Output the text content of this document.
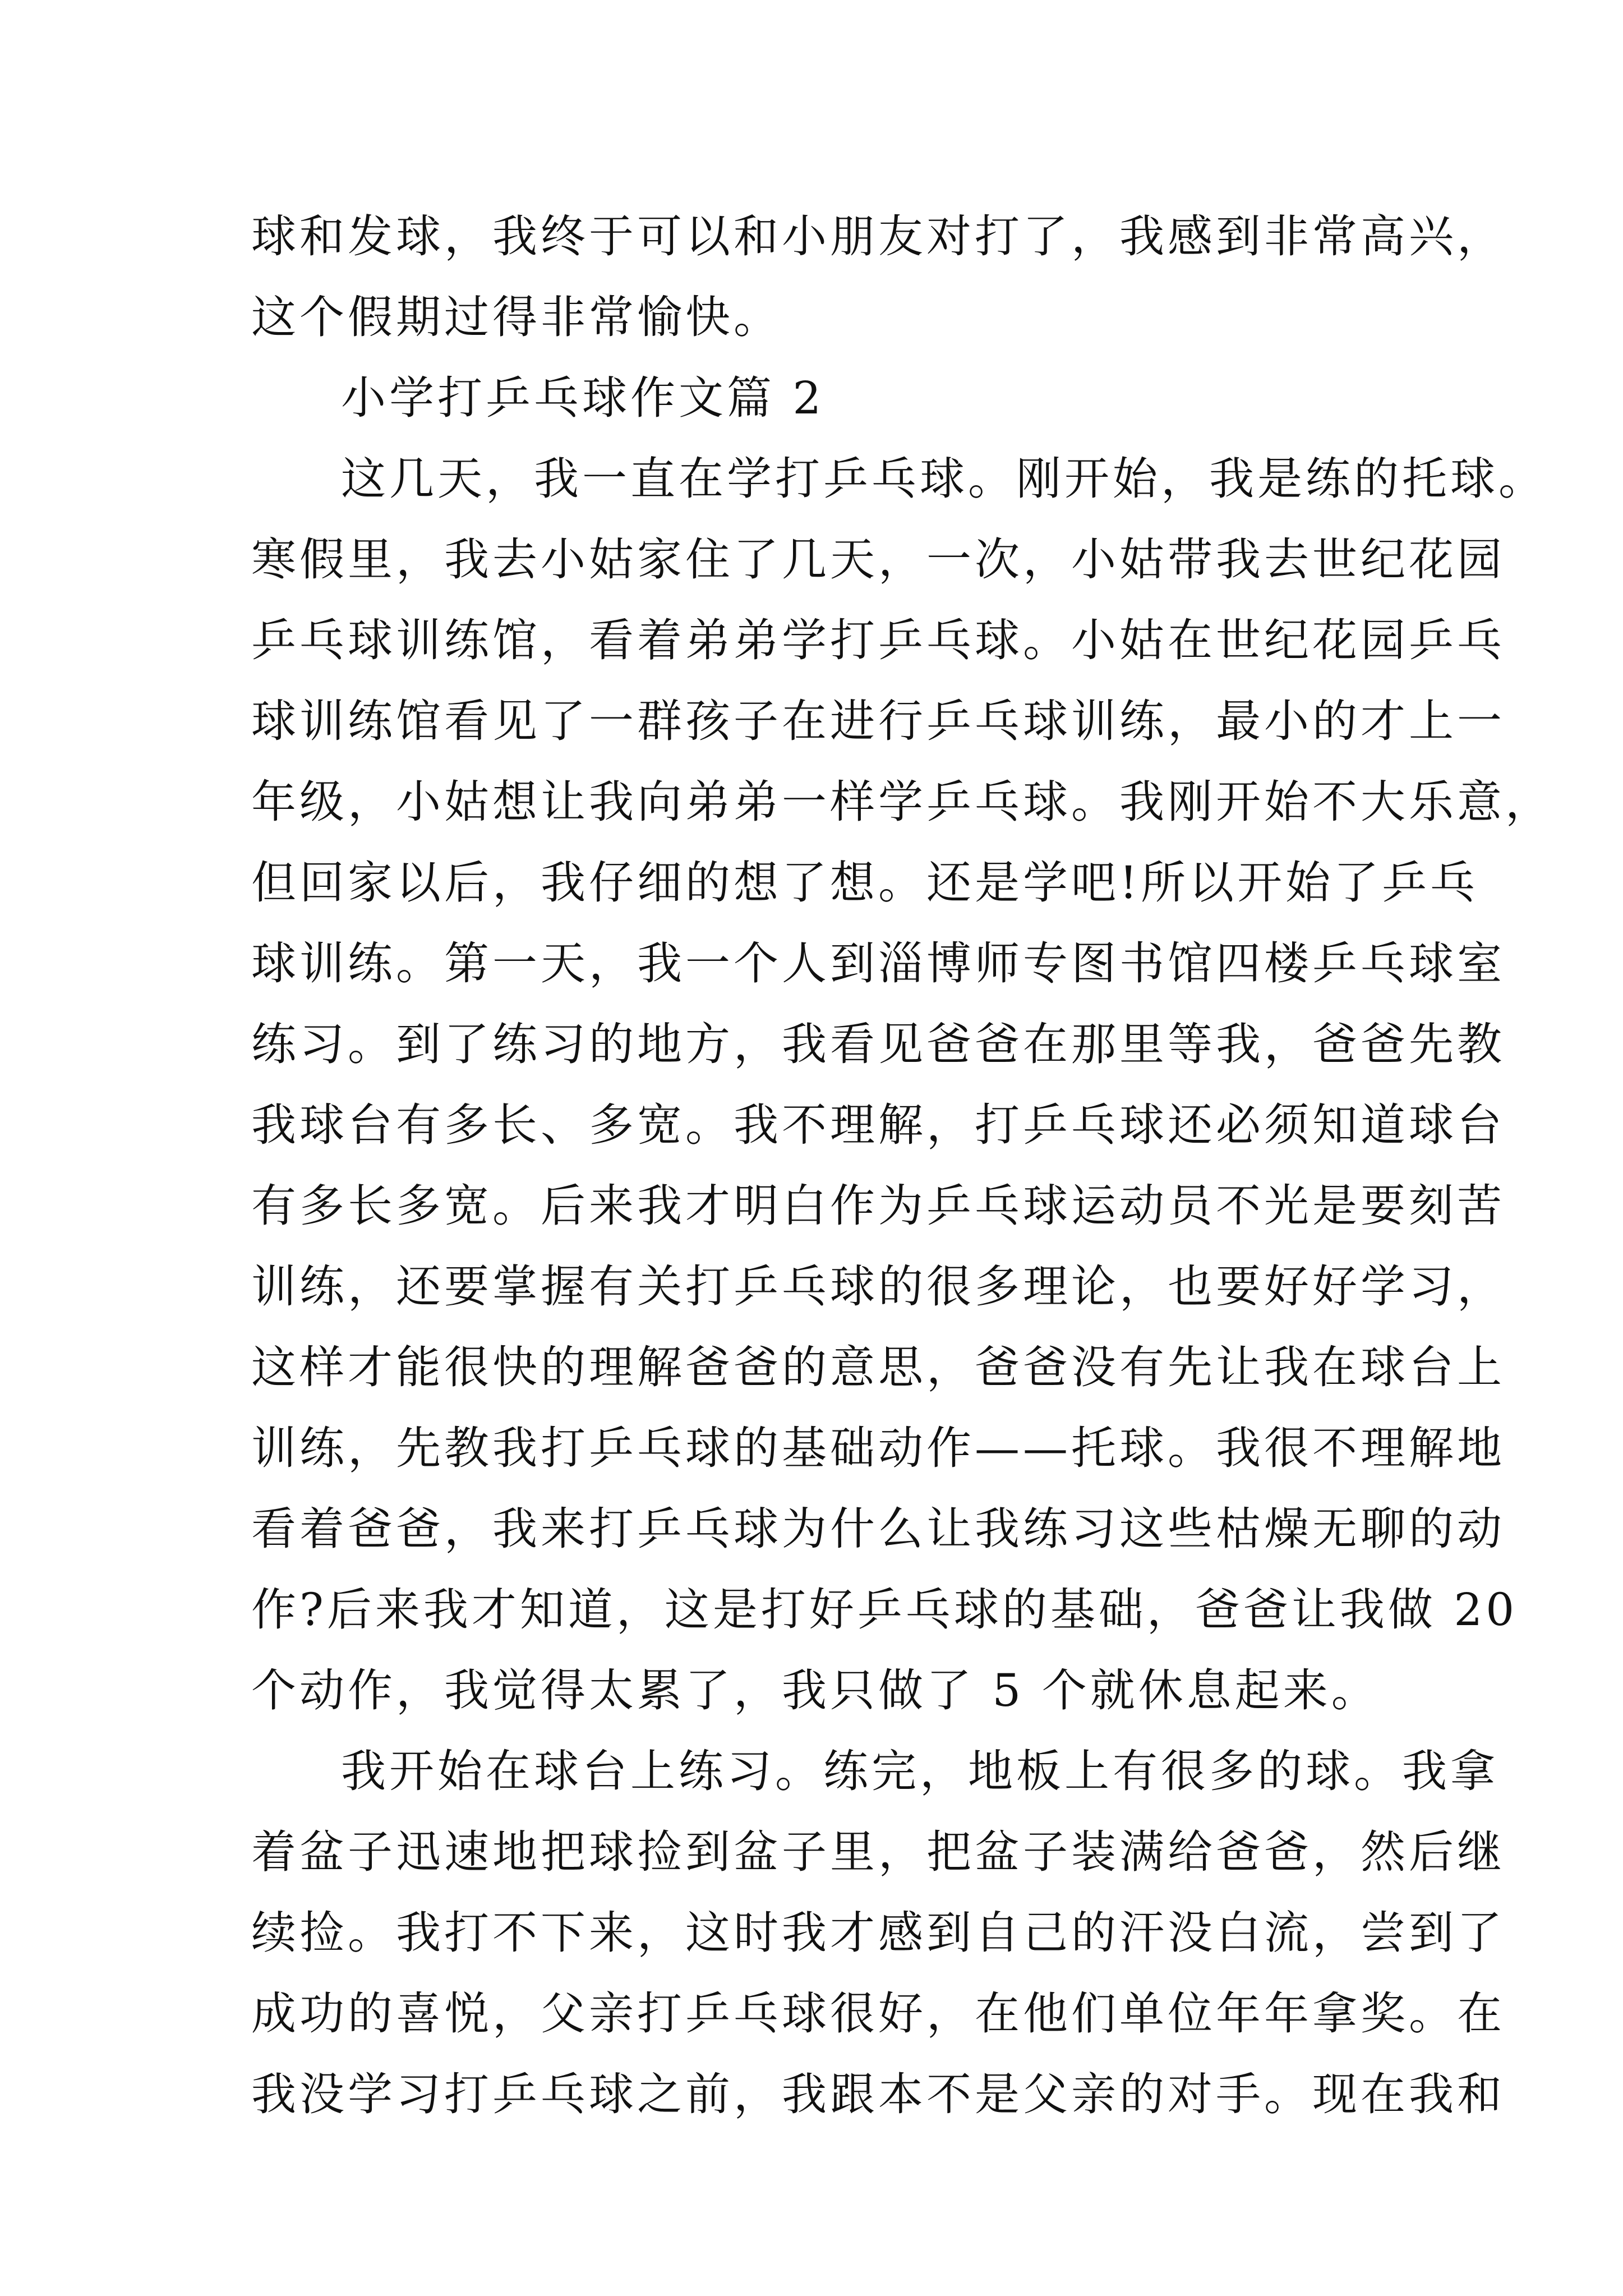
球和发球，我终于可以和小朋友对打了，我感到非常高兴，
这个假期过得非常愉快。
小学打乒乓球作文篇 2
这几天，我一直在学打乒乓球。刚开始，我是练的托球。
寒假里，我去小姑家住了几天，一次，小姑带我去世纪花园
乒乓球训练馆，看着弟弟学打乒乓球。小姑在世纪花园乒乓
球训练馆看见了一群孩子在进行乒乓球训练，最小的才上一
年级，小姑想让我向弟弟一样学乒乓球。我刚开始不大乐意，
但回家以后，我仔细的想了想。还是学吧!所以开始了乒乓
球训练。第一天，我一个人到淄博师专图书馆四楼乒乓球室
练习。到了练习的地方，我看见爸爸在那里等我，爸爸先教
我球台有多长、多宽。我不理解，打乒乓球还必须知道球台
有多长多宽。后来我才明白作为乒乓球运动员不光是要刻苦
训练，还要掌握有关打乒乓球的很多理论，也要好好学习，
这样才能很快的理解爸爸的意思，爸爸没有先让我在球台上
训练，先教我打乒乓球的基础动作——托球。我很不理解地
看着爸爸，我来打乒乓球为什么让我练习这些枯燥无聊的动
作?后来我才知道，这是打好乒乓球的基础，爸爸让我做 20
个动作，我觉得太累了，我只做了 5 个就休息起来。
我开始在球台上练习。练完，地板上有很多的球。我拿
着盆子迅速地把球捡到盆子里，把盆子装满给爸爸，然后继
续捡。我打不下来，这时我才感到自己的汗没白流，尝到了
成功的喜悦，父亲打乒乓球很好，在他们单位年年拿奖。在
我没学习打乒乓球之前，我跟本不是父亲的对手。现在我和
